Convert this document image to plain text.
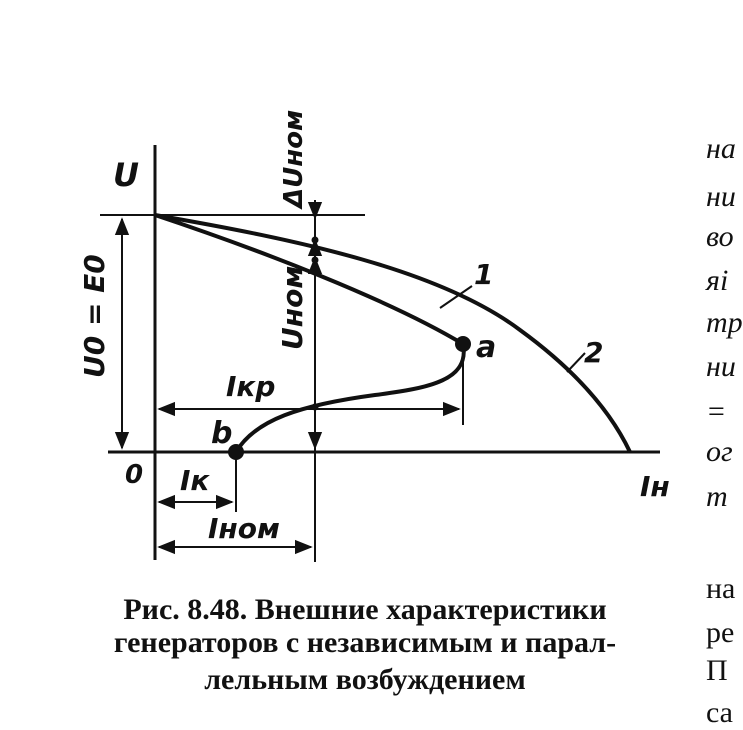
U
Iн
0
U0 = E0
ΔUном
Uном
Iкр
Iк
Iном
1
2
a
b
Рис. 8.48. Внешние характеристики
генераторов с независимым и парал-
лельным возбуждением
на
ни
во
яі
тр
ни
=
ог
т
на
ре
П
са
